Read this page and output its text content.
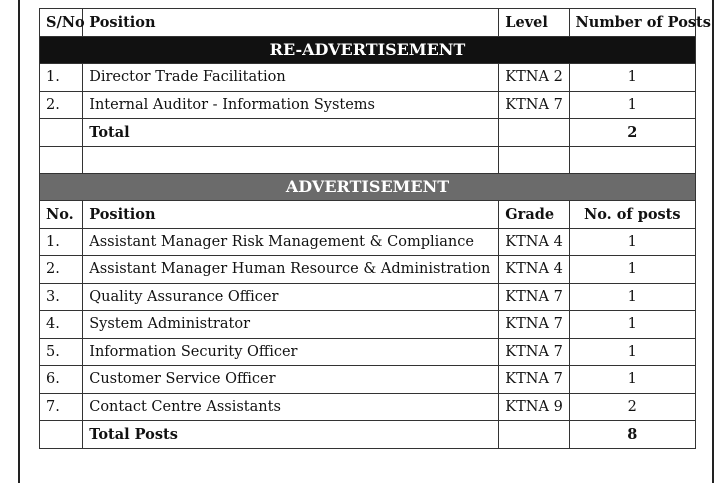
S/No	Position	Level	Number of Posts
RE-ADVERTISEMENT			
1.	Director Trade Facilitation	KTNA 2	1
2.	Internal Auditor - Information Systems	KTNA 7	1
	Total		2

ADVERTISEMENT			
No.	Position	Grade	No. of posts
1.	Assistant Manager Risk Management & Compliance	KTNA 4	1
2.	Assistant Manager Human Resource & Administration	KTNA 4	1
3.	Quality Assurance Officer	KTNA 7	1
4.	System Administrator	KTNA 7	1
5.	Information Security Officer	KTNA 7	1
6.	Customer Service Officer	KTNA 7	1
7.	Contact Centre Assistants	KTNA 9	2
	Total Posts		8
